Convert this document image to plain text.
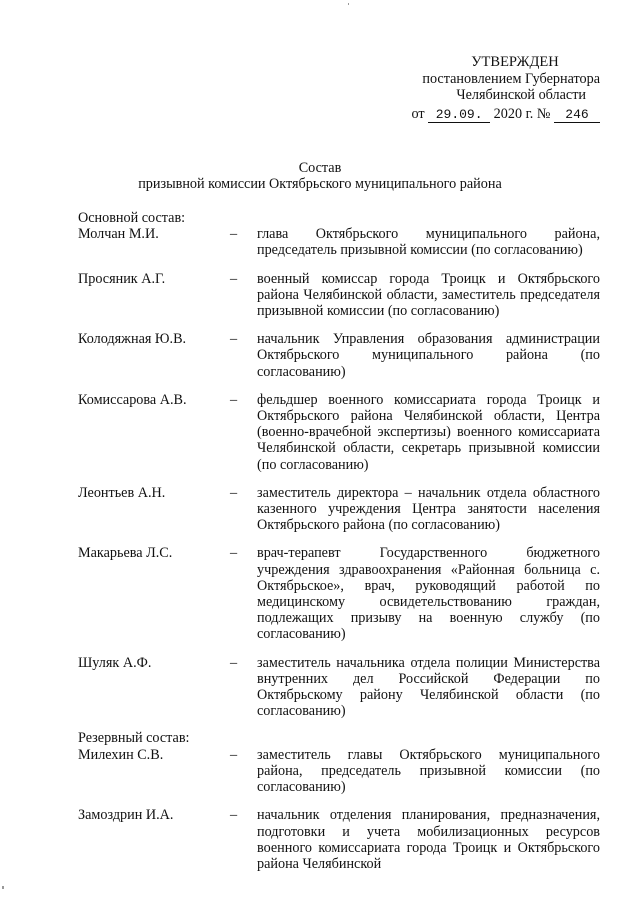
УТВЕРЖДЕН
постановлением Губернатора
Челябинской области
от 29.09. 2020 г. № 246
Состав
призывной комиссии Октябрьского муниципального района
Основной состав:
Молчан М.И.	–	глава Октябрьского муниципального района, председатель призывной комиссии (по согласованию)
Просяник А.Г.	–	военный комиссар города Троицк и Октябрьского района Челябинской области, заместитель председателя призывной комиссии (по согласованию)
Колодяжная Ю.В.	–	начальник Управления образования администрации Октябрьского муниципального района (по согласованию)
Комиссарова А.В.	–	фельдшер военного комиссариата города Троицк и Октябрьского района Челябинской области, Центра (военно-врачебной экспертизы) военного комиссариата Челябинской области, секретарь призывной комиссии (по согласованию)
Леонтьев А.Н.	–	заместитель директора – начальник отдела областного казенного учреждения Центра занятости населения Октябрьского района (по согласованию)
Макарьева Л.С.	–	врач-терапевт Государственного бюджетного учреждения здравоохранения «Районная больница с. Октябрьское», врач, руководящий работой по медицинскому освидетельствованию граждан, подлежащих призыву на военную службу (по согласованию)
Шуляк А.Ф.	–	заместитель начальника отдела полиции Министерства внутренних дел Российской Федерации по Октябрьскому району Челябинской области (по согласованию)
Резервный состав:
Милехин С.В.	–	заместитель главы Октябрьского муниципального района, председатель призывной комиссии (по согласованию)
Замоздрин И.А.	–	начальник отделения планирования, предназначения, подготовки и учета мобилизационных ресурсов военного комиссариата города Троицк и Октябрьского района Челябинской
